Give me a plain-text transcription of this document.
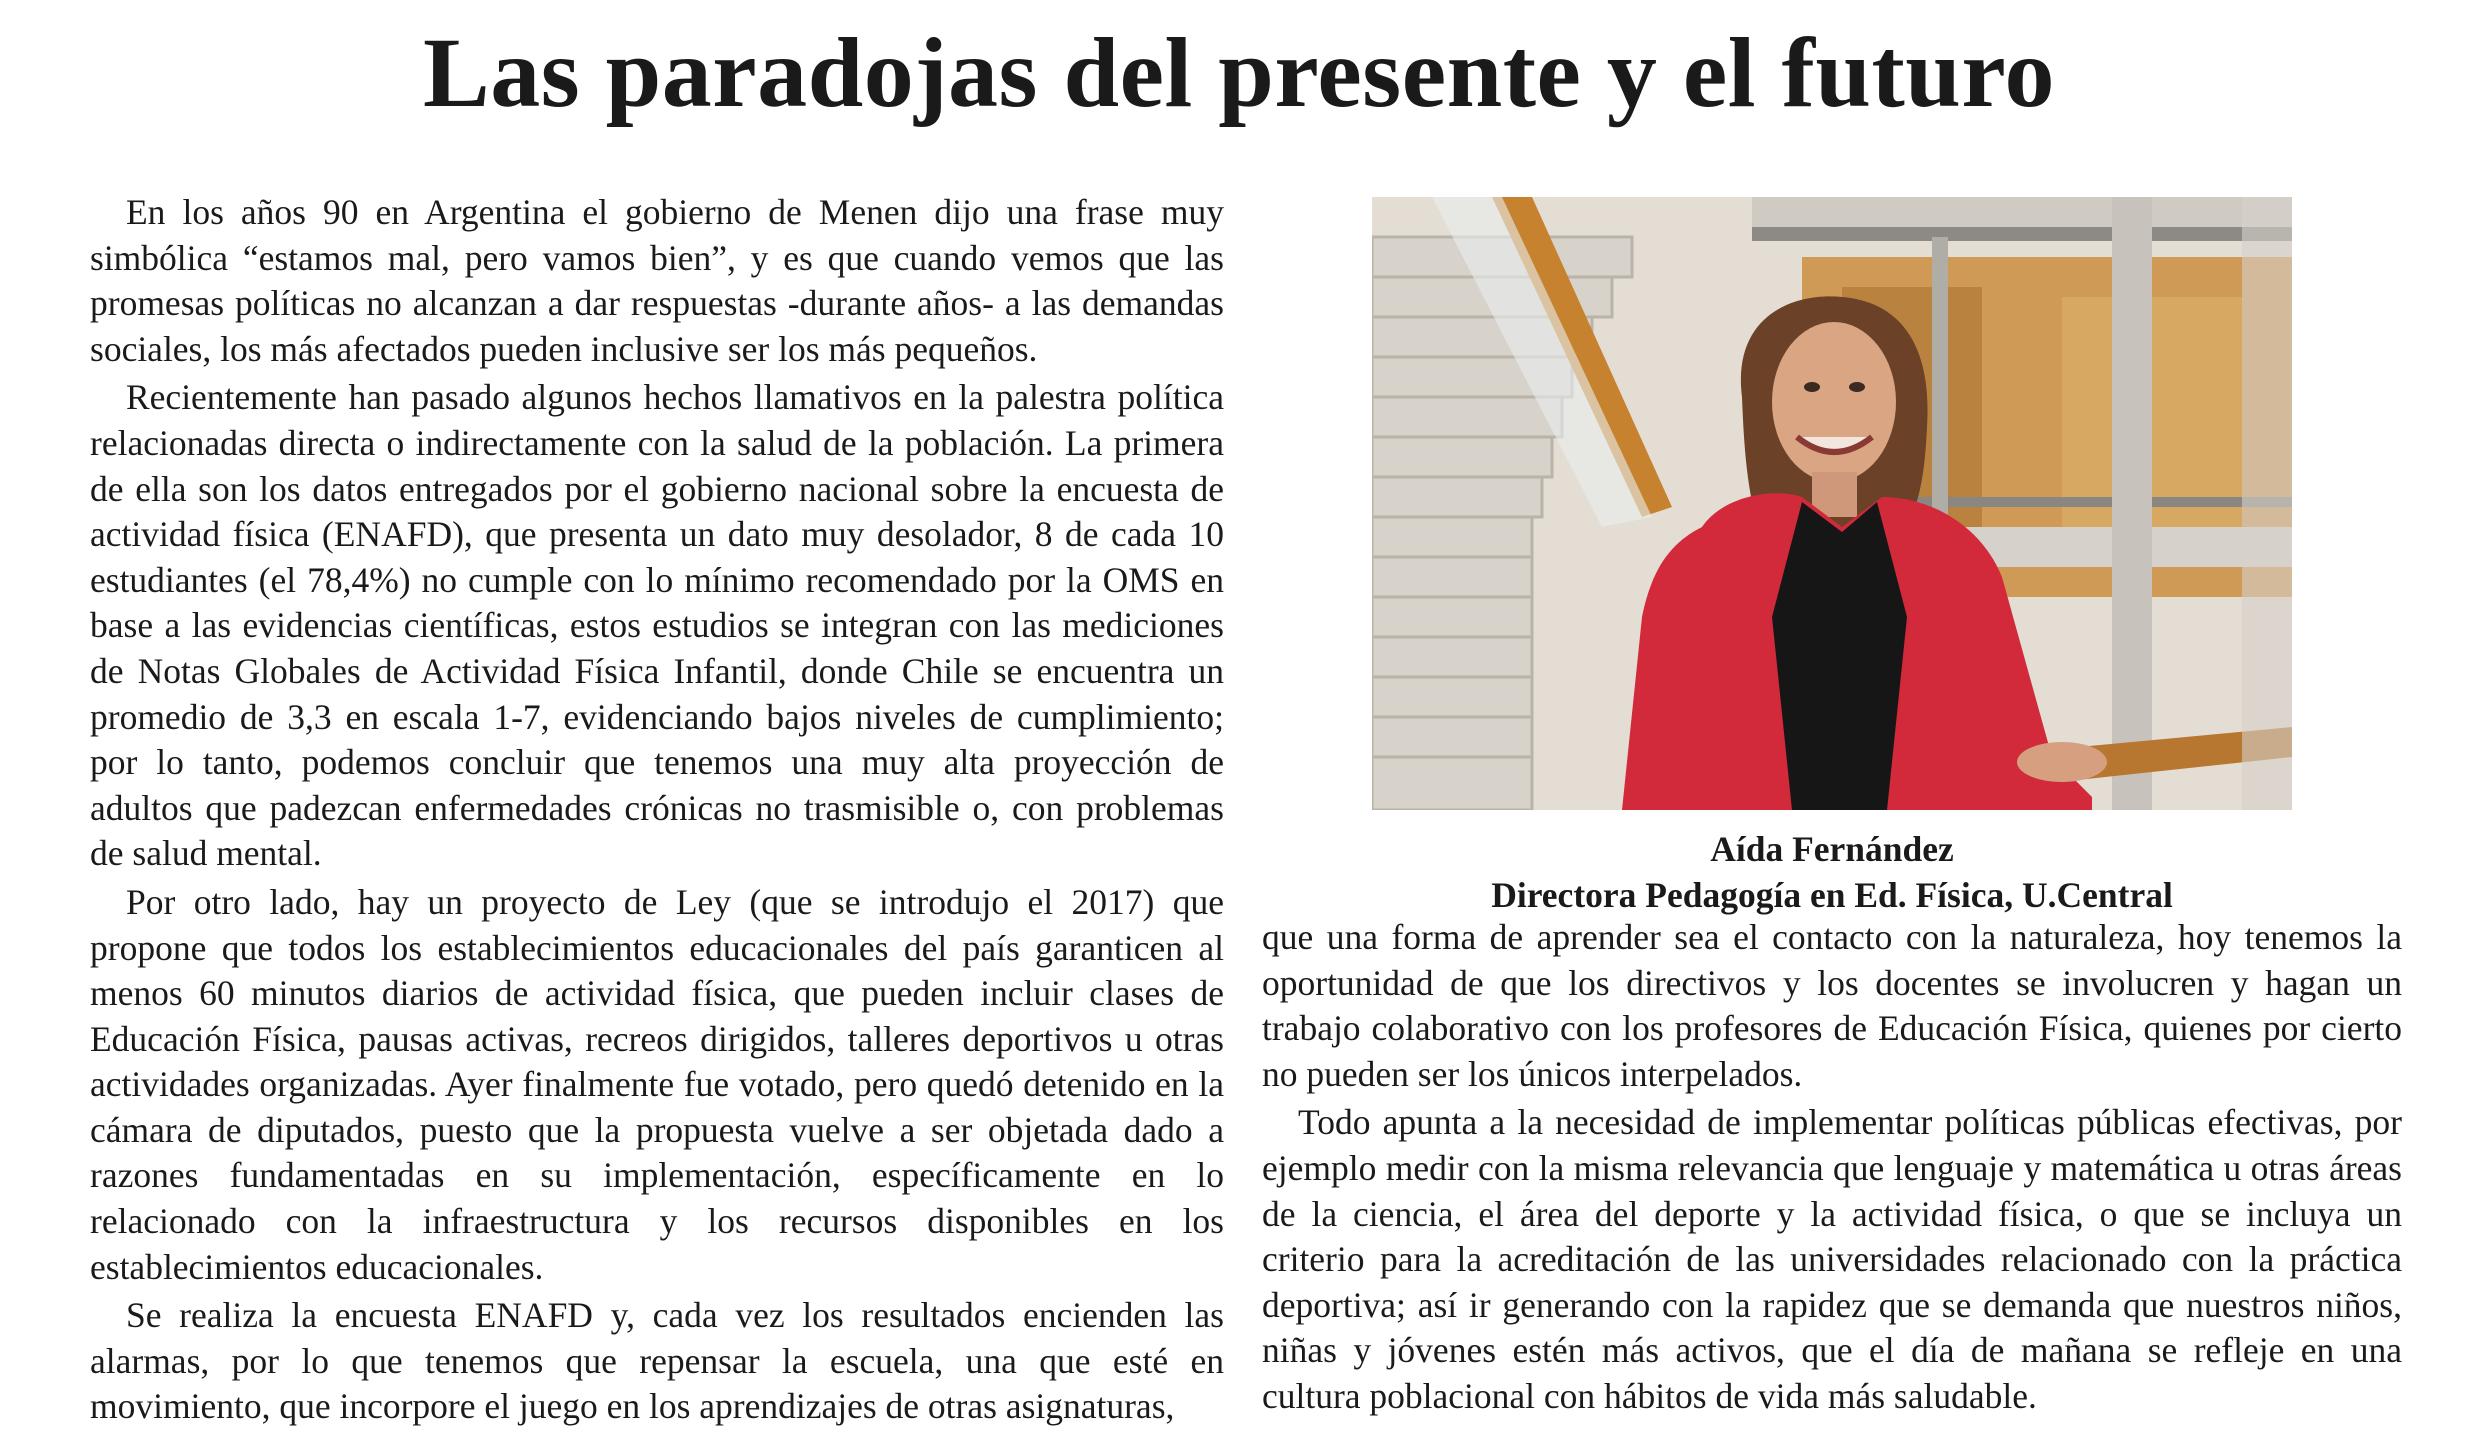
Las paradojas del presente y el futuro

En los años 90 en Argentina el gobierno de Menen dijo una frase muy simbólica “estamos mal, pero vamos bien”, y es que cuando vemos que las promesas políticas no alcanzan a dar respuestas -durante años- a las demandas sociales, los más afectados pueden inclusive ser los más pequeños.

Recientemente han pasado algunos hechos llamativos en la palestra política relacionadas directa o indirectamente con la salud de la población. La primera de ella son los datos entregados por el gobierno nacional sobre la encuesta de actividad física (ENAFD), que presenta un dato muy desolador, 8 de cada 10 estudiantes (el 78,4%) no cumple con lo mínimo recomendado por la OMS en base a las evidencias científicas, estos estudios se integran con las mediciones de Notas Globales de Actividad Física Infantil, donde Chile se encuentra un promedio de 3,3 en escala 1-7, evidenciando bajos niveles de cumplimiento; por lo tanto, podemos concluir que tenemos una muy alta proyección de adultos que padezcan enfermedades crónicas no trasmisible o, con problemas de salud mental.

Por otro lado, hay un proyecto de Ley (que se introdujo el 2017) que propone que todos los establecimientos educacionales del país garanticen al menos 60 minutos diarios de actividad física, que pueden incluir clases de Educación Física, pausas activas, recreos dirigidos, talleres deportivos u otras actividades organizadas. Ayer finalmente fue votado, pero quedó detenido en la cámara de diputados, puesto que la propuesta vuelve a ser objetada dado a razones fundamentadas en su implementación, específicamente en lo relacionado con la infraestructura y los recursos disponibles en los establecimientos educacionales.

Se realiza la encuesta ENAFD y, cada vez los resultados encienden las alarmas, por lo que tenemos que repensar la escuela, una que esté en movimiento, que incorpore el juego en los aprendizajes de otras asignaturas,

Aída Fernández
Directora Pedagogía en Ed. Física, U.Central

que una forma de aprender sea el contacto con la naturaleza, hoy tenemos la oportunidad de que los directivos y los docentes se involucren y hagan un trabajo colaborativo con los profesores de Educación Física, quienes por cierto no pueden ser los únicos interpelados.

Todo apunta a la necesidad de implementar políticas públicas efectivas, por ejemplo medir con la misma relevancia que lenguaje y matemática u otras áreas de la ciencia, el área del deporte y la actividad física, o que se incluya un criterio para la acreditación de las universidades relacionado con la práctica deportiva; así ir generando con la rapidez que se demanda que nuestros niños, niñas y jóvenes estén más activos, que el día de mañana se refleje en una cultura poblacional con hábitos de vida más saludable.
